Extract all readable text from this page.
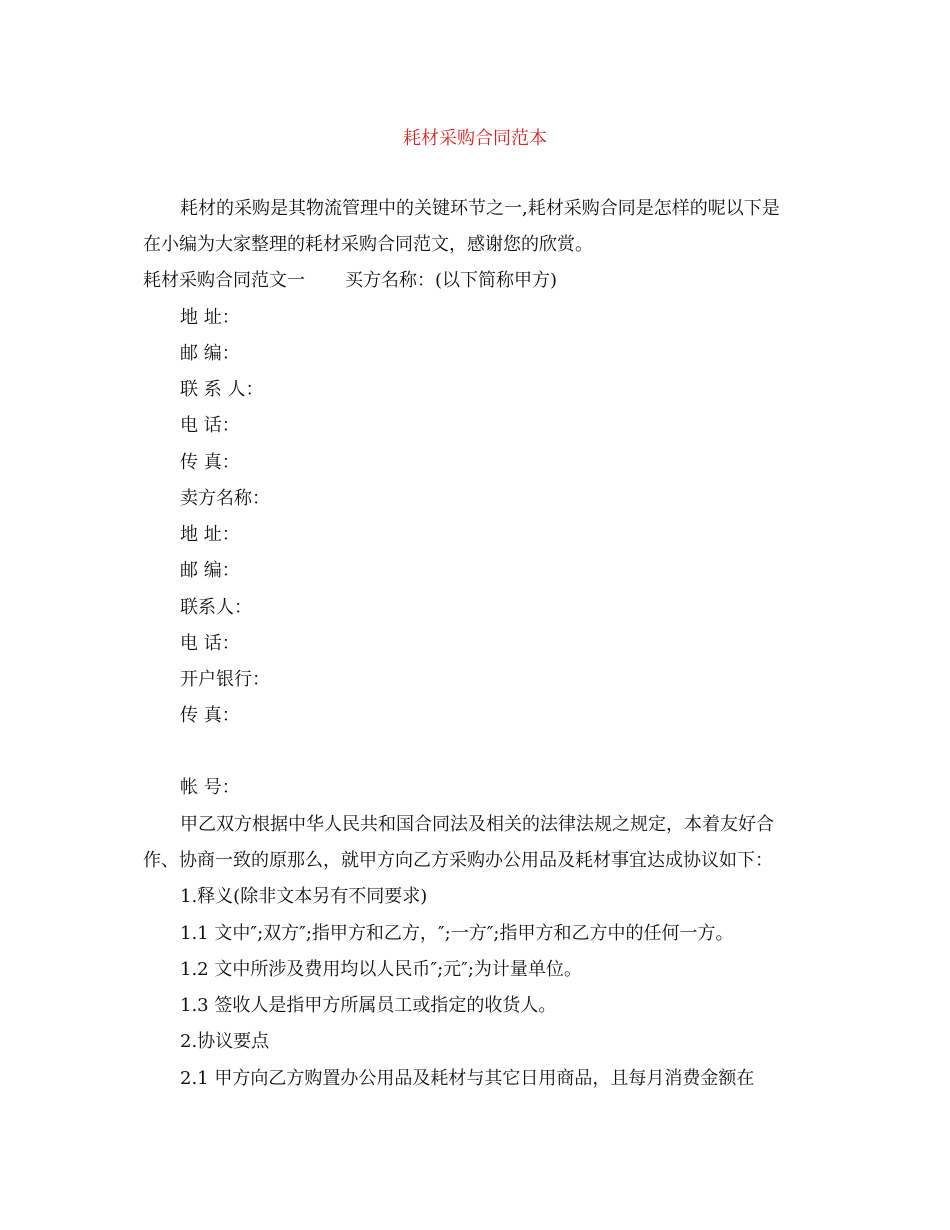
耗材采购合同范本
耗材的采购是其物流管理中的关键环节之一,耗材采购合同是怎样的呢以下是
在小编为大家整理的耗材采购合同范文，感谢您的欣赏。
耗材采购合同范文一 买方名称：(以下简称甲方)
地 址：
邮 编：
联 系 人：
电 话：
传 真：
卖方名称：
地 址：
邮 编：
联系人：
电 话：
开户银行：
传 真：
帐 号：
甲乙双方根据中华人民共和国合同法及相关的法律法规之规定，本着友好合
作、协商一致的原那么，就甲方向乙方采购办公用品及耗材事宜达成协议如下：
1.释义(除非文本另有不同要求)
1.1 文中″;双方″;指甲方和乙方，″;一方″;指甲方和乙方中的任何一方。
1.2 文中所涉及费用均以人民币″;元″;为计量单位。
1.3 签收人是指甲方所属员工或指定的收货人。
2.协议要点
2.1 甲方向乙方购置办公用品及耗材与其它日用商品，且每月消费金额在
